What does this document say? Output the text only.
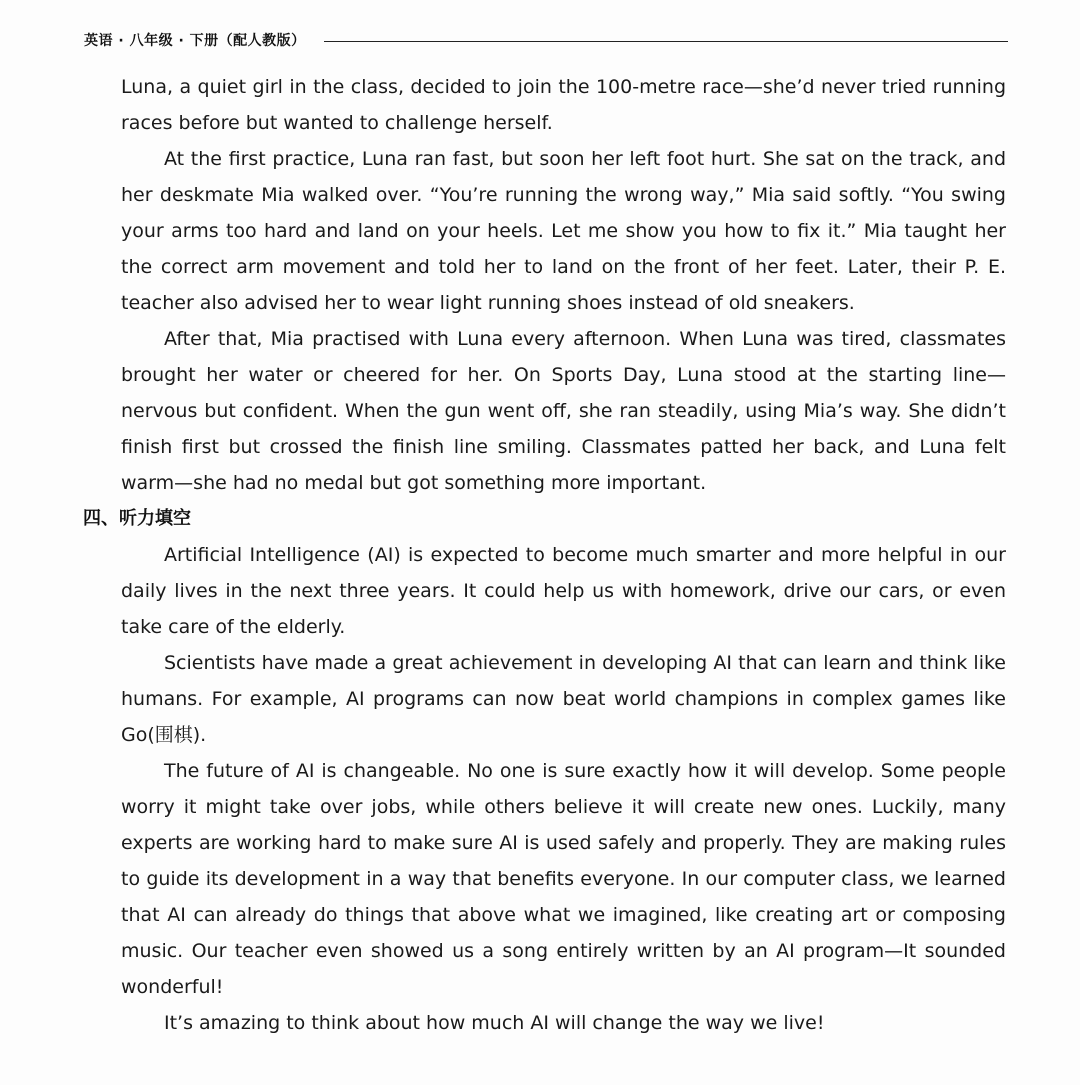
英语 · 八年级 · 下册（配人教版）

Luna, a quiet girl in the class, decided to join the 100-metre race—she’d never tried running races before but wanted to challenge herself.

At the first practice, Luna ran fast, but soon her left foot hurt. She sat on the track, and her deskmate Mia walked over. “You’re running the wrong way,” Mia said softly. “You swing your arms too hard and land on your heels. Let me show you how to fix it.” Mia taught her the correct arm movement and told her to land on the front of her feet. Later, their P. E. teacher also advised her to wear light running shoes instead of old sneakers.

After that, Mia practised with Luna every afternoon. When Luna was tired, classmates brought her water or cheered for her. On Sports Day, Luna stood at the starting line—nervous but confident. When the gun went off, she ran steadily, using Mia’s way. She didn’t finish first but crossed the finish line smiling. Classmates patted her back, and Luna felt warm—she had no medal but got something more important.

四、听力填空

Artificial Intelligence (AI) is expected to become much smarter and more helpful in our daily lives in the next three years. It could help us with homework, drive our cars, or even take care of the elderly.

Scientists have made a great achievement in developing AI that can learn and think like humans. For example, AI programs can now beat world champions in complex games like Go(围棋).

The future of AI is changeable. No one is sure exactly how it will develop. Some people worry it might take over jobs, while others believe it will create new ones. Luckily, many experts are working hard to make sure AI is used safely and properly. They are making rules to guide its development in a way that benefits everyone. In our computer class, we learned that AI can already do things that above what we imagined, like creating art or composing music. Our teacher even showed us a song entirely written by an AI program—It sounded wonderful!

It’s amazing to think about how much AI will change the way we live!
